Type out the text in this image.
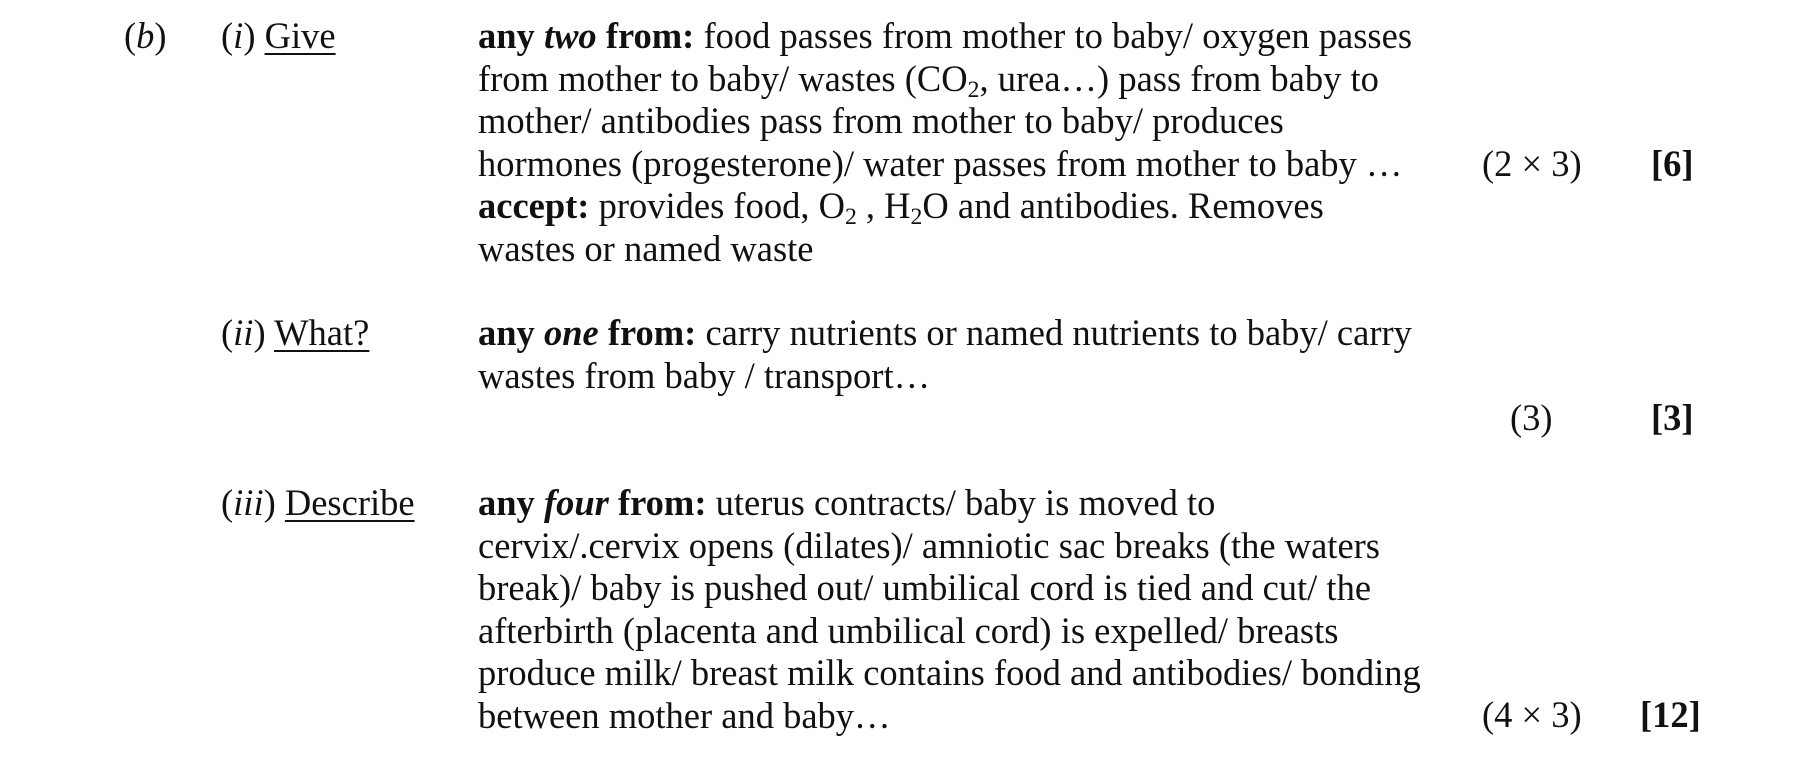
(b) (i) Give	any two from: food passes from mother to baby/ oxygen passes
from mother to baby/ wastes ($CO_2$, urea…) pass from baby to
mother/ antibodies pass from mother to baby/ produces
hormones (progesterone)/ water passes from mother to baby …
accept: provides food, $O_2$ , $H_2O$ and antibodies. Removes
wastes or named waste
(2 × 3) [6]
(ii) What?	any one from: carry nutrients or named nutrients to baby/ carry
wastes from baby / transport…
(3)	[3]
(iii) Describe any four from: uterus contracts/ baby is moved to
cervix/.cervix opens (dilates)/ amniotic sac breaks (the waters
break)/ baby is pushed out/ umbilical cord is tied and cut/ the
afterbirth (placenta and umbilical cord) is expelled/ breasts
produce milk/ breast milk contains food and antibodies/ bonding
between mother and baby…	(4 × 3) [12]
